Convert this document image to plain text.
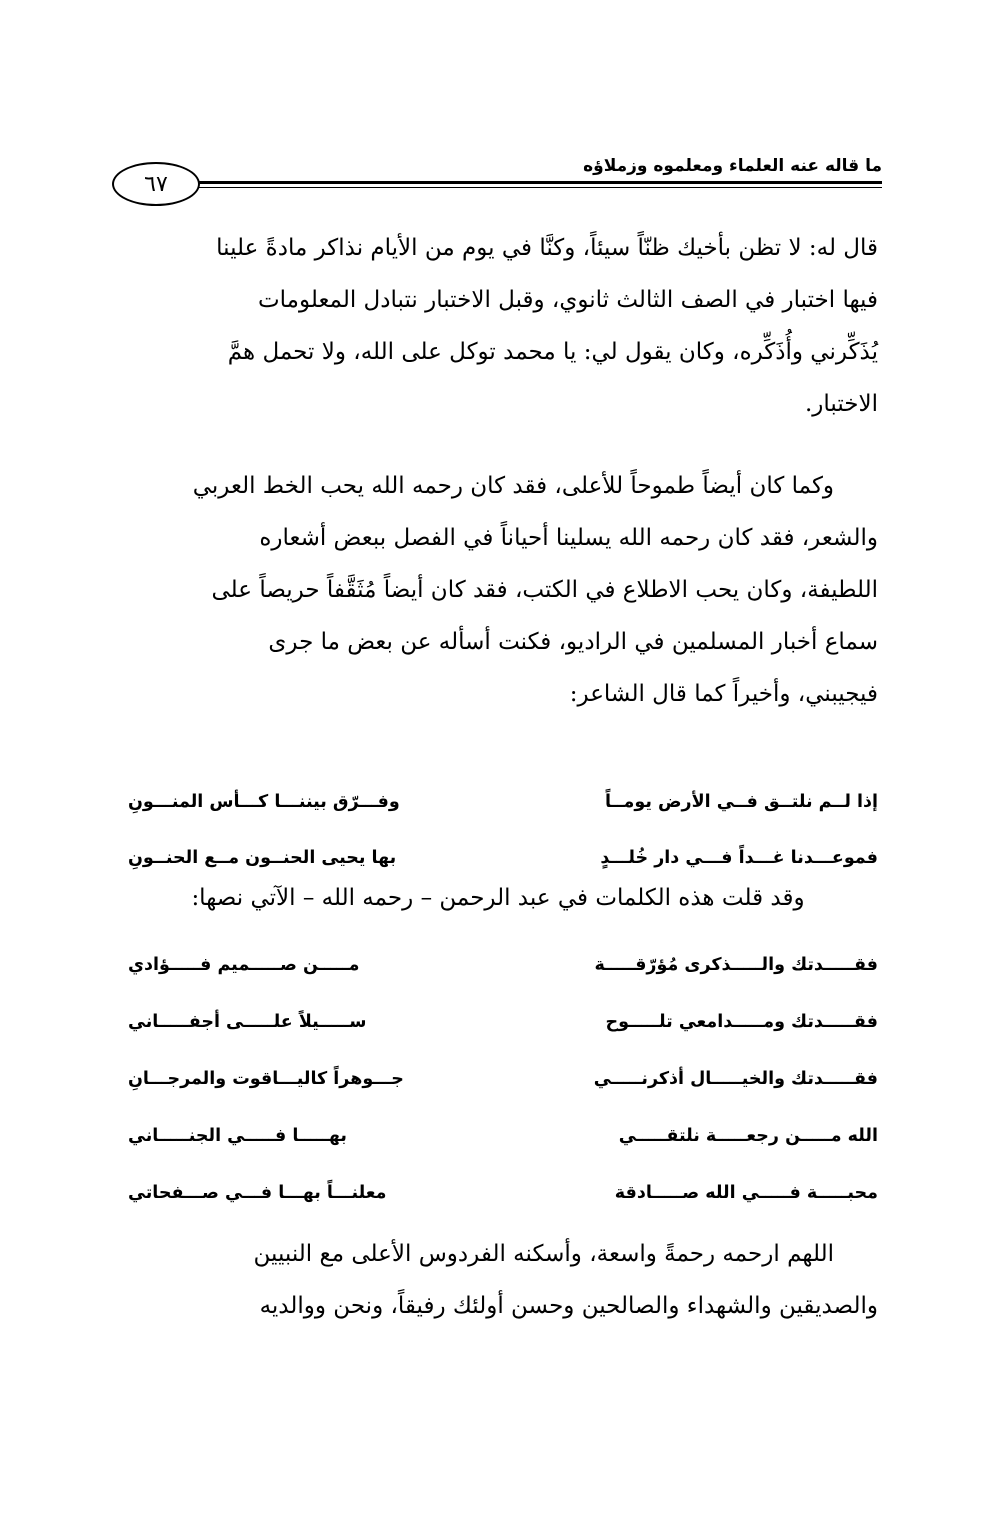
ما قاله عنه العلماء ومعلموه وزملاؤه
٦٧
قال له: لا تظن بأخيك ظنّاً سيئاً، وكنَّا في يوم من الأيام نذاكر مادةً علينا
فيها اختبار في الصف الثالث ثانوي، وقبل الاختبار نتبادل المعلومات
يُذَكِّرني وأُذَكِّره، وكان يقول لي: يا محمد توكل على الله، ولا تحمل همَّ
الاختبار.
وكما كان أيضاً طموحاً للأعلى، فقد كان رحمه الله يحب الخط العربي
والشعر، فقد كان رحمه الله يسلينا أحياناً في الفصل ببعض أشعاره
اللطيفة، وكان يحب الاطلاع في الكتب، فقد كان أيضاً مُثَقَّفاً حريصاً على
سماع أخبار المسلمين في الراديو، فكنت أسأله عن بعض ما جرى
فيجيبني، وأخيراً كما قال الشاعر:
إذا لــم نلتــق فــي الأرض يومــاً
وفـــرّق بيننـــا كـــأس المنـــونِ
فموعـــدنا غـــداً فـــي دار خُلـــدٍ
بها يحيى الحنــون مــع الحنــونِ
وقد قلت هذه الكلمات في عبد الرحمن – رحمه الله – الآتي نصها:
فقـــــدتك والـــــذكرى مُؤرّقـــــة
مـــــن صـــــميم فـــــؤادي
فقـــــدتك ومـــــدامعي تلـــــوح
ســـــيلاً علـــــى أجفـــــاني
فقـــــدتك والخيـــــال أذكرنـــــي
جـــوهراً كاليـــاقوت والمرجـــانِ
الله مـــــن رجعـــــة نلتقـــــي
بهـــــا فـــــي الجنـــــاني
محبـــــة فـــــي الله صـــــادقة
معلنـــاً بهـــا فـــي صـــفحاتي
اللهم ارحمه رحمةً واسعة، وأسكنه الفردوس الأعلى مع النبيين
والصديقين والشهداء والصالحين وحسن أولئك رفيقاً، ونحن ووالديه
